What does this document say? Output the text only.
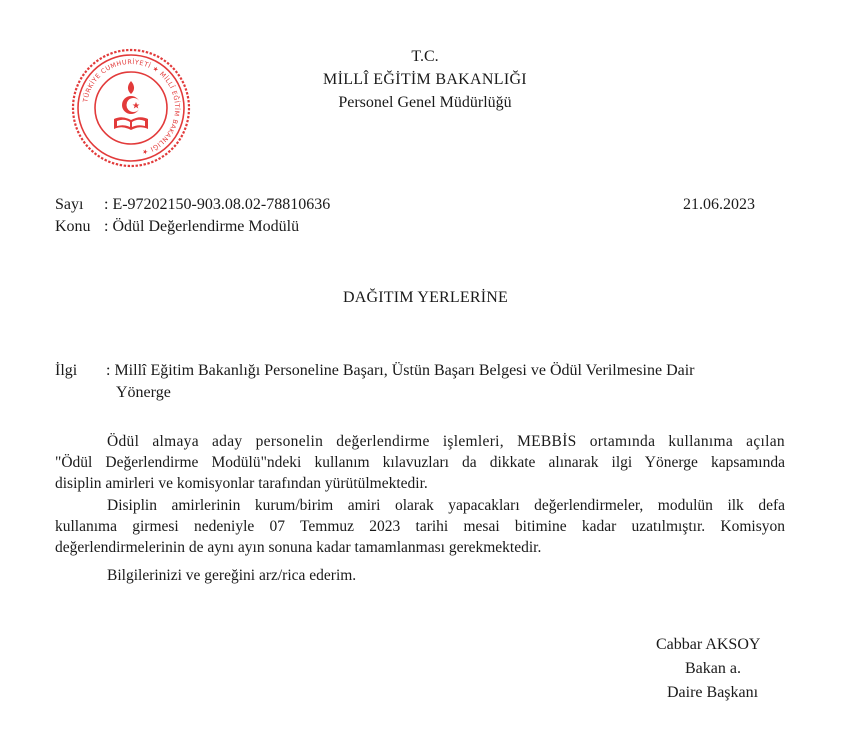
TÜRKİYE CUMHURİYETİ ★ MİLLÎ EĞİTİM BAKANLIĞI ★
T.C.
MİLLÎ EĞİTİM BAKANLIĞI
Personel Genel Müdürlüğü
Sayı : E-97202150-903.08.02-78810636	21.06.2023
Konu : Ödül Değerlendirme Modülü
DAĞITIM YERLERİNE
İlgi : Millî Eğitim Bakanlığı Personeline Başarı, Üstün Başarı Belgesi ve Ödül Verilmesine Dair
Yönerge
Ödül almaya aday personelin değerlendirme işlemleri, MEBBİS ortamında kullanıma açılan
"Ödül Değerlendirme Modülü"ndeki kullanım kılavuzları da dikkate alınarak ilgi Yönerge kapsamında
disiplin amirleri ve komisyonlar tarafından yürütülmektedir.
Disiplin amirlerinin kurum/birim amiri olarak yapacakları değerlendirmeler, modulün ilk defa
kullanıma girmesi nedeniyle 07 Temmuz 2023 tarihi mesai bitimine kadar uzatılmıştır. Komisyon
değerlendirmelerinin de aynı ayın sonuna kadar tamamlanması gerekmektedir.
Bilgilerinizi ve gereğini arz/rica ederim.
Cabbar AKSOY
Bakan a.
Daire Başkanı
